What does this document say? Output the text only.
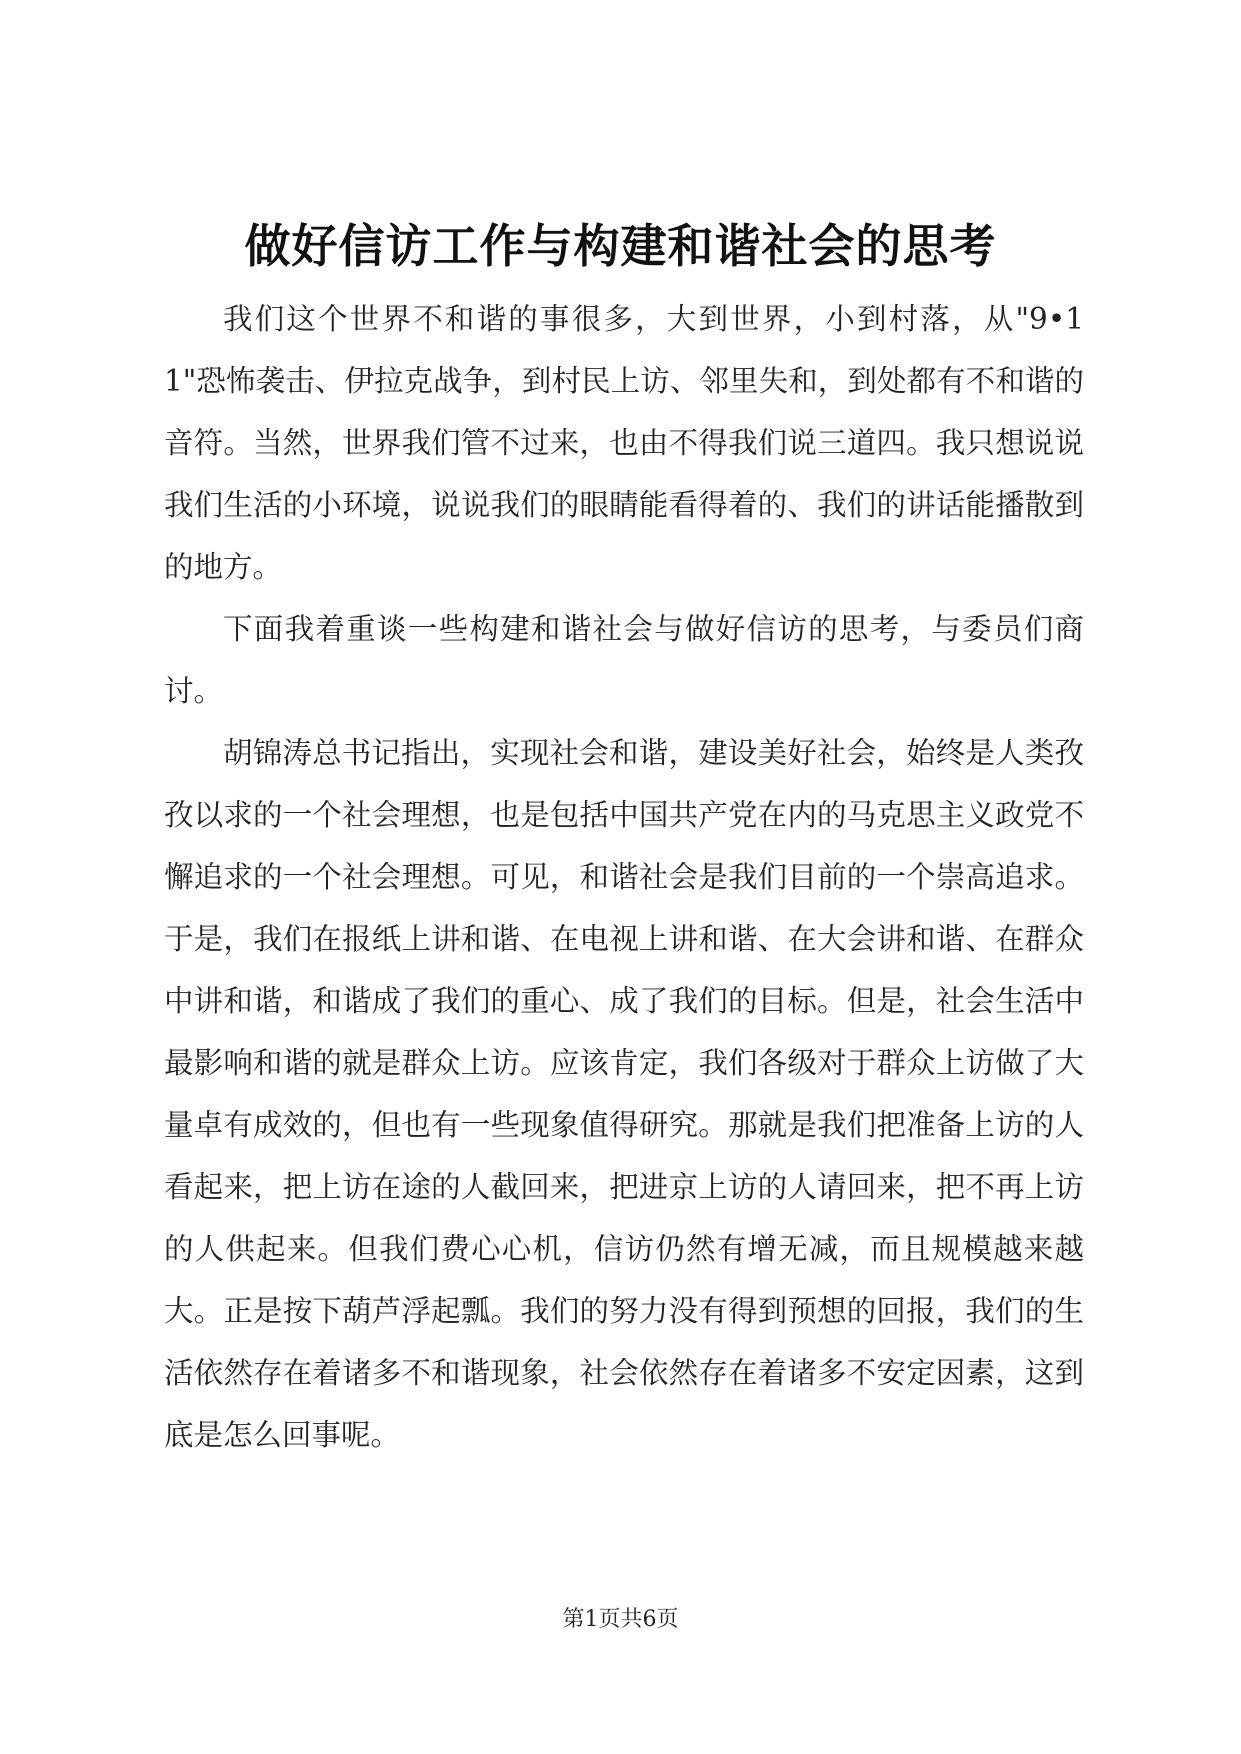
做好信访工作与构建和谐社会的思考

我们这个世界不和谐的事很多，大到世界，小到村落，从"9•11"恐怖袭击、伊拉克战争，到村民上访、邻里失和，到处都有不和谐的音符。当然，世界我们管不过来，也由不得我们说三道四。我只想说说我们生活的小环境，说说我们的眼睛能看得着的、我们的讲话能播散到的地方。

下面我着重谈一些构建和谐社会与做好信访的思考，与委员们商讨。

胡锦涛总书记指出，实现社会和谐，建设美好社会，始终是人类孜孜以求的一个社会理想，也是包括中国共产党在内的马克思主义政党不懈追求的一个社会理想。可见，和谐社会是我们目前的一个崇高追求。于是，我们在报纸上讲和谐、在电视上讲和谐、在大会讲和谐、在群众中讲和谐，和谐成了我们的重心、成了我们的目标。但是，社会生活中最影响和谐的就是群众上访。应该肯定，我们各级对于群众上访做了大量卓有成效的，但也有一些现象值得研究。那就是我们把准备上访的人看起来，把上访在途的人截回来，把进京上访的人请回来，把不再上访的人供起来。但我们费心心机，信访仍然有增无减，而且规模越来越大。正是按下葫芦浮起瓢。我们的努力没有得到预想的回报，我们的生活依然存在着诸多不和谐现象，社会依然存在着诸多不安定因素，这到底是怎么回事呢。

第1页共6页
